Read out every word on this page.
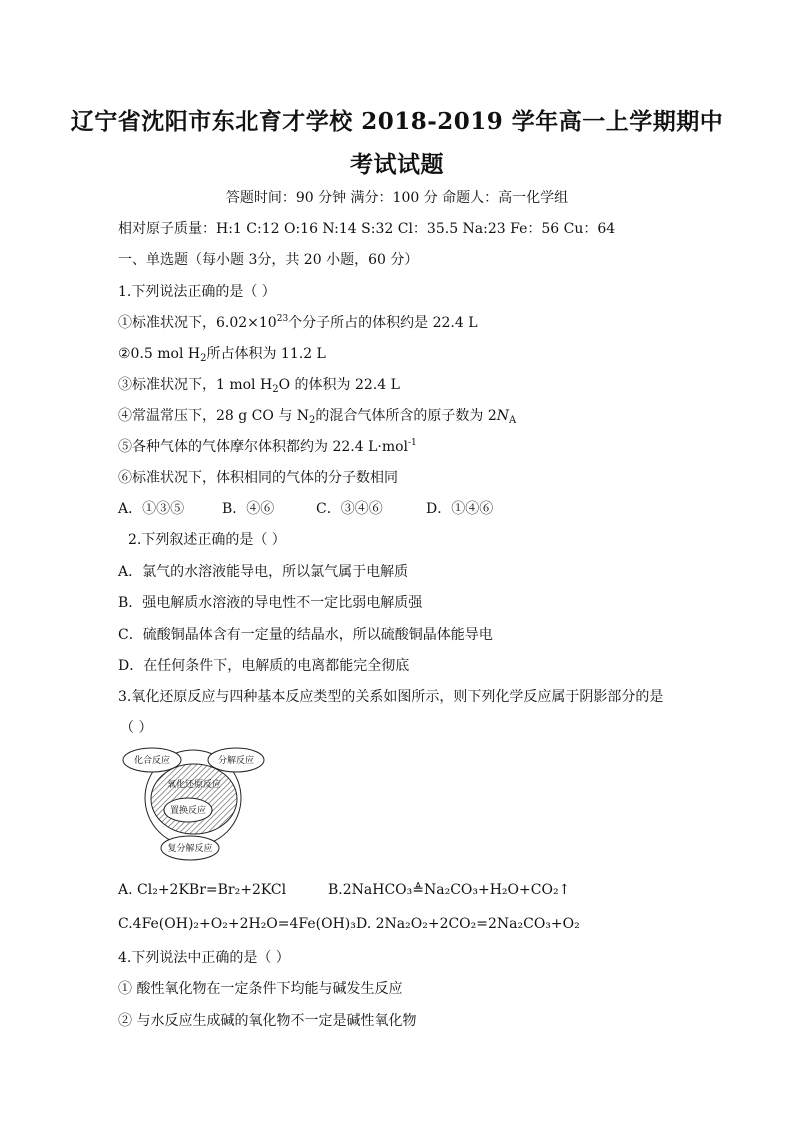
辽宁省沈阳市东北育才学校 2018-2019 学年高一上学期期中
考试试题
答题时间：90 分钟 满分：100 分 命题人：高一化学组
相对原子质量：H:1 C:12 O:16 N:14 S:32 Cl：35.5 Na:23 Fe：56 Cu：64
一、单选题（每小题 3分，共 20 小题，60 分）
1.下列说法正确的是（ ）
①标准状况下，$6.02\times 10^{23}$个分子所占的体积约是 22.4 L
②0.5 mol $H_2$所占体积为 11.2 L
③标准状况下，1 mol $H_2O$ 的体积为 22.4 L
④常温常压下，28 g CO 与 $N_2$的混合气体所含的原子数为 $2N_A$
⑤各种气体的气体摩尔体积都约为 22.4 L·mol$^{-1}$
⑥标准状况下，体积相同的气体的分子数相同
A．①③⑤	B．④⑥	C．③④⑥	D．①④⑥
2.下列叙述正确的是（ ）
A．氯气的水溶液能导电，所以氯气属于电解质
B．强电解质水溶液的导电性不一定比弱电解质强
C．硫酸铜晶体含有一定量的结晶水，所以硫酸铜晶体能导电
D．在任何条件下，电解质的电离都能完全彻底
3.氧化还原反应与四种基本反应类型的关系如图所示，则下列化学反应属于阴影部分的是
（ ）
化合反应	分解反应
氧化还原反应
置换反应
复分解反应
A. Cl₂+2KBr=Br₂+2KCl	B.2NaHCO₃≜Na₂CO₃+H₂O+CO₂↑
C.4Fe(OH)₂+O₂+2H₂O=4Fe(OH)₃ D. 2Na₂O₂+2CO₂=2Na₂CO₃+O₂
4.下列说法中正确的是（ ）
① 酸性氧化物在一定条件下均能与碱发生反应
② 与水反应生成碱的氧化物不一定是碱性氧化物
